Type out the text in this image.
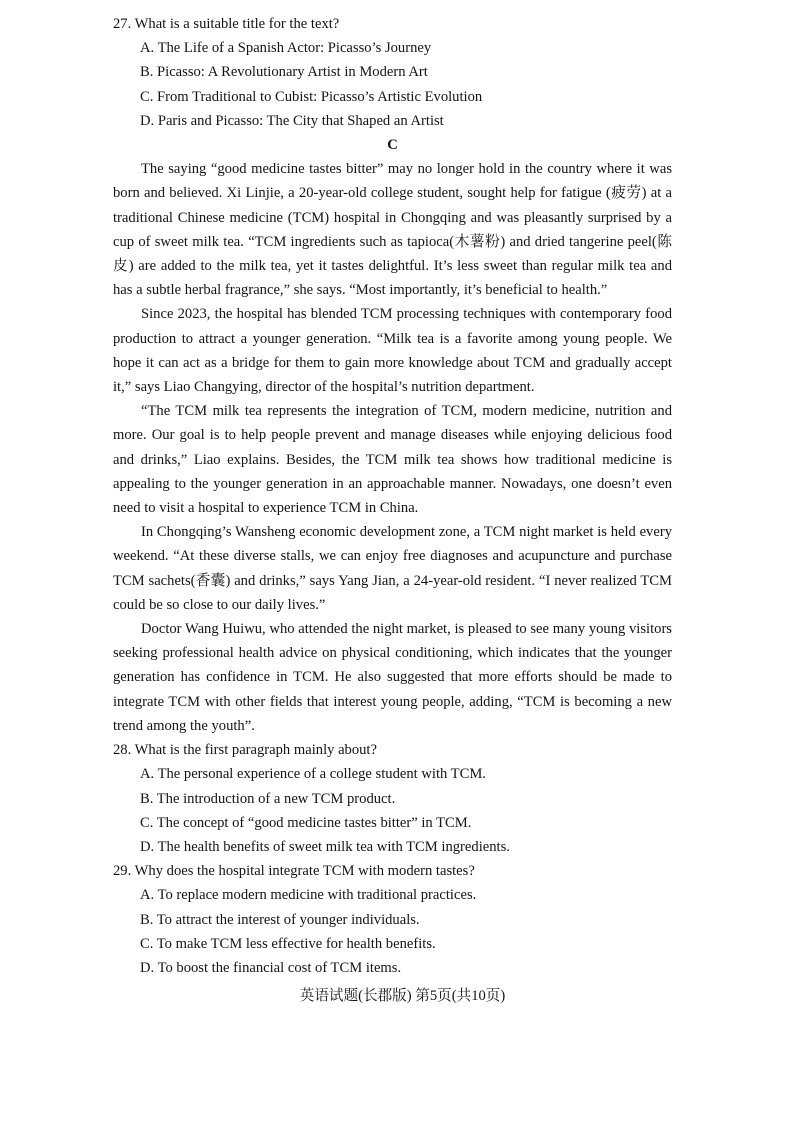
27. What is a suitable title for the text?
A. The Life of a Spanish Actor: Picasso’s Journey
B. Picasso: A Revolutionary Artist in Modern Art
C. From Traditional to Cubist: Picasso’s Artistic Evolution
D. Paris and Picasso: The City that Shaped an Artist
C

The saying “good medicine tastes bitter” may no longer hold in the country where it was born and believed. Xi Linjie, a 20-year-old college student, sought help for fatigue (疲劳) at a traditional Chinese medicine (TCM) hospital in Chongqing and was pleasantly surprised by a cup of sweet milk tea. “TCM ingredients such as tapioca(木薯粉) and dried tangerine peel(陈皮) are added to the milk tea, yet it tastes delightful. It’s less sweet than regular milk tea and has a subtle herbal fragrance,” she says. “Most importantly, it’s beneficial to health.”

Since 2023, the hospital has blended TCM processing techniques with contemporary food production to attract a younger generation. “Milk tea is a favorite among young people. We hope it can act as a bridge for them to gain more knowledge about TCM and gradually accept it,” says Liao Changying, director of the hospital’s nutrition department.

“The TCM milk tea represents the integration of TCM, modern medicine, nutrition and more. Our goal is to help people prevent and manage diseases while enjoying delicious food and drinks,” Liao explains. Besides, the TCM milk tea shows how traditional medicine is appealing to the younger generation in an approachable manner. Nowadays, one doesn’t even need to visit a hospital to experience TCM in China.

In Chongqing’s Wansheng economic development zone, a TCM night market is held every weekend. “At these diverse stalls, we can enjoy free diagnoses and acupuncture and purchase TCM sachets(香囊) and drinks,” says Yang Jian, a 24-year-old resident. “I never realized TCM could be so close to our daily lives.”

Doctor Wang Huiwu, who attended the night market, is pleased to see many young visitors seeking professional health advice on physical conditioning, which indicates that the younger generation has confidence in TCM. He also suggested that more efforts should be made to integrate TCM with other fields that interest young people, adding, “TCM is becoming a new trend among the youth”.

28. What is the first paragraph mainly about?
A. The personal experience of a college student with TCM.
B. The introduction of a new TCM product.
C. The concept of “good medicine tastes bitter” in TCM.
D. The health benefits of sweet milk tea with TCM ingredients.
29. Why does the hospital integrate TCM with modern tastes?
A. To replace modern medicine with traditional practices.
B. To attract the interest of younger individuals.
C. To make TCM less effective for health benefits.
D. To boost the financial cost of TCM items.
英语试题(长郡版) 第5页(共10页)
